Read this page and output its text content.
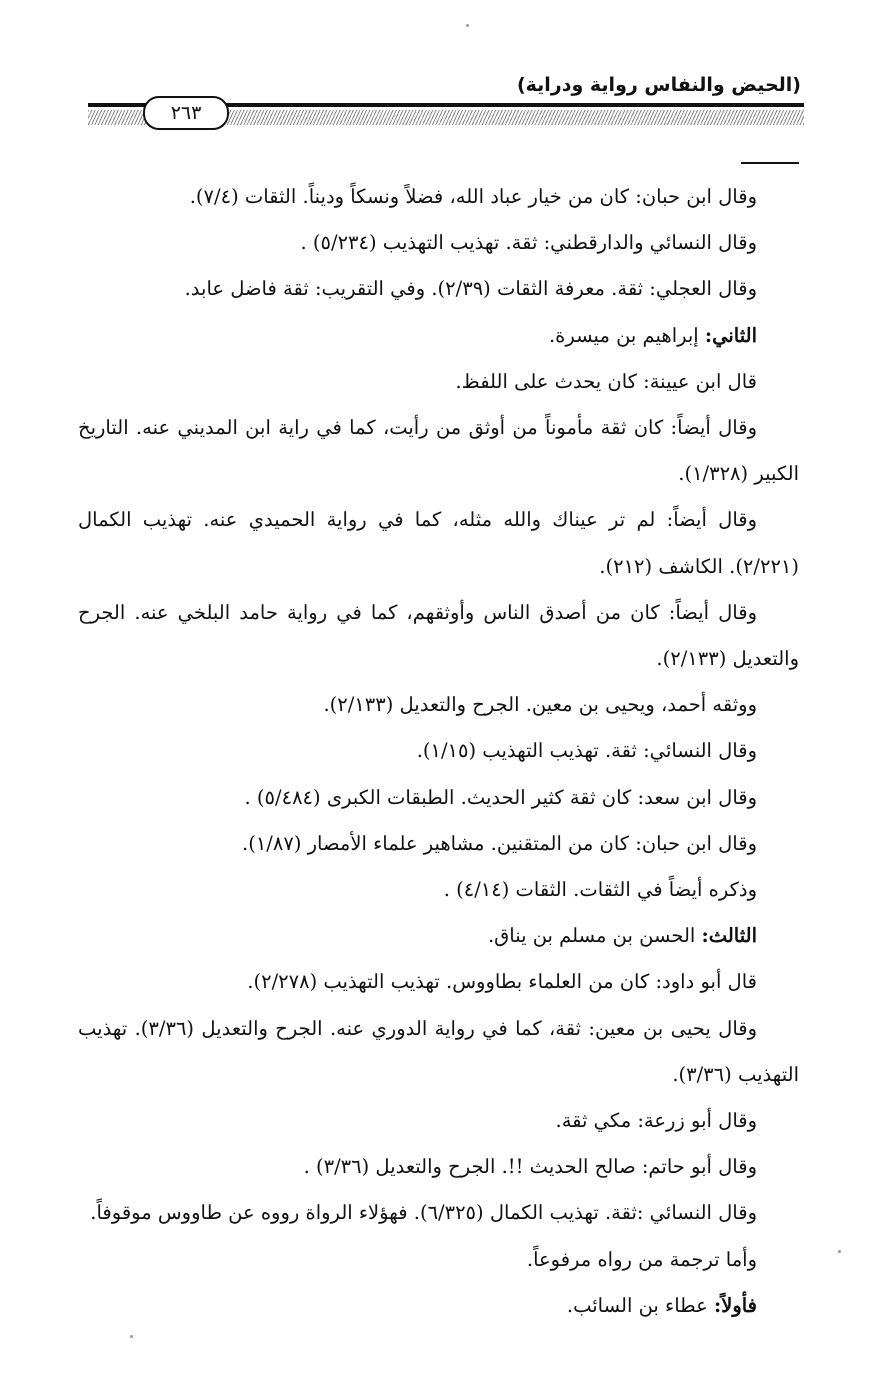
(الحيض والنفاس رواية ودراية)
٢٦٣

وقال ابن حبان: كان من خيار عباد الله، فضلاً ونسكاً وديناً. الثقات (٧/٤).

وقال النسائي والدارقطني: ثقة. تهذيب التهذيب (٥/٢٣٤) .

وقال العجلي: ثقة. معرفة الثقات (٢/٣٩). وفي التقريب: ثقة فاضل عابد.

الثاني: إبراهيم بن ميسرة.

قال ابن عيينة: كان يحدث على اللفظ.

وقال أيضاً: كان ثقة مأموناً من أوثق من رأيت، كما في راية ابن المديني عنه. التاريخ الكبير (١/٣٢٨).

وقال أيضاً: لم تر عيناك والله مثله، كما في رواية الحميدي عنه. تهذيب الكمال (٢/٢٢١). الكاشف (٢١٢).

وقال أيضاً: كان من أصدق الناس وأوثقهم، كما في رواية حامد البلخي عنه. الجرح والتعديل (٢/١٣٣).

ووثقه أحمد، ويحيى بن معين. الجرح والتعديل (٢/١٣٣).

وقال النسائي: ثقة. تهذيب التهذيب (١/١٥).

وقال ابن سعد: كان ثقة كثير الحديث. الطبقات الكبرى (٥/٤٨٤) .

وقال ابن حبان: كان من المتقنين. مشاهير علماء الأمصار (١/٨٧).

وذكره أيضاً في الثقات. الثقات (٤/١٤) .

الثالث: الحسن بن مسلم بن يناق.

قال أبو داود: كان من العلماء بطاووس. تهذيب التهذيب (٢/٢٧٨).

وقال يحيى بن معين: ثقة، كما في رواية الدوري عنه. الجرح والتعديل (٣/٣٦). تهذيب التهذيب (٣/٣٦).

وقال أبو زرعة: مكي ثقة.

وقال أبو حاتم: صالح الحديث !!. الجرح والتعديل (٣/٣٦) .

وقال النسائي :ثقة. تهذيب الكمال (٦/٣٢٥). فهؤلاء الرواة رووه عن طاووس موقوفاً.

وأما ترجمة من رواه مرفوعاً.

فأولاً: عطاء بن السائب.
